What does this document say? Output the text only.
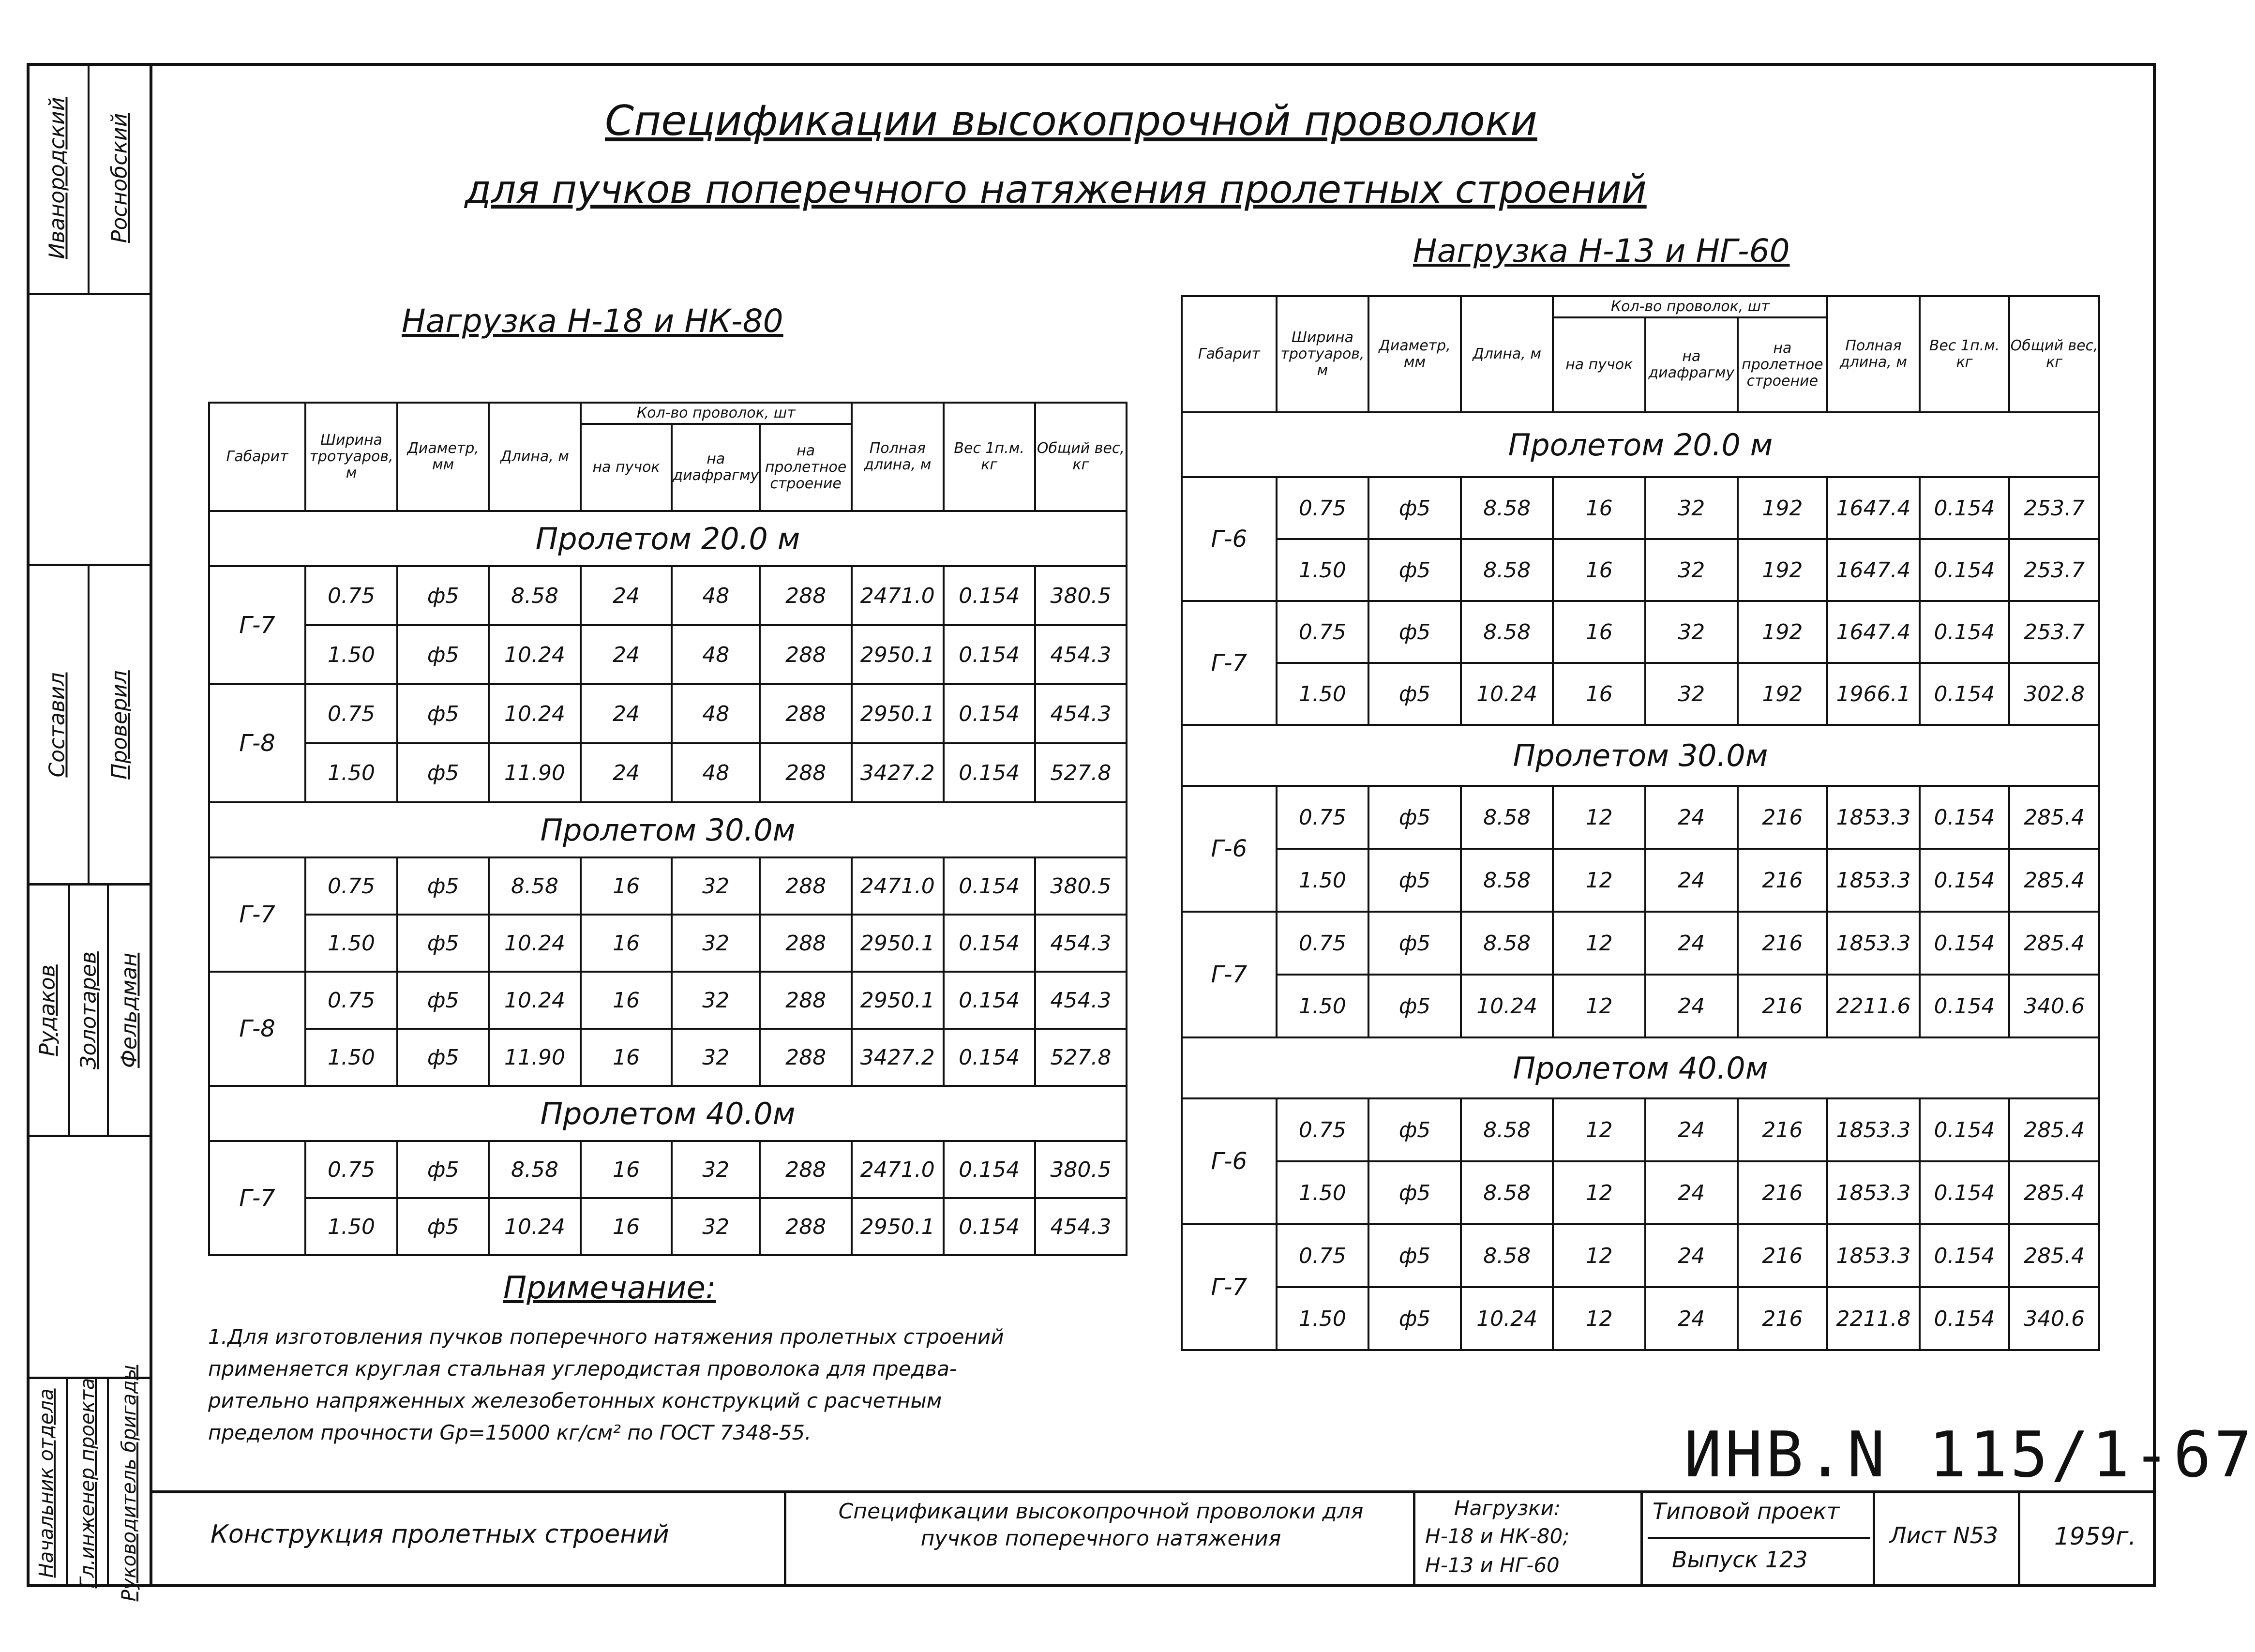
Иванородский Роснобский
Составил Проверил
Рудаков Золотарев Фельдман
Начальник отдела Гл.инженер проекта Руководитель бригады
Спецификации высокопрочной проволоки
для пучков поперечного натяжения пролетных строений
Нагрузка Н-13 и НГ-60
Нагрузка Н-18 и НК-80
Габарит	Ширина тротуаров, м	Диаметр, мм	Длина, м	Кол-во проволок, шт			Полная длина, м	Вес 1п.м. кг	Общий вес, кг
				на пучок	на диафрагму	на пролетное строение			
Пролетом 20.0 м									
Г-7	0.75	ф5	8.58	24	48	288	2471.0	0.154	380.5
	1.50	ф5	10.24	24	48	288	2950.1	0.154	454.3
Г-8	0.75	ф5	10.24	24	48	288	2950.1	0.154	454.3
	1.50	ф5	11.90	24	48	288	3427.2	0.154	527.8
Пролетом 30.0м									
Г-7	0.75	ф5	8.58	16	32	288	2471.0	0.154	380.5
	1.50	ф5	10.24	16	32	288	2950.1	0.154	454.3
Г-8	0.75	ф5	10.24	16	32	288	2950.1	0.154	454.3
	1.50	ф5	11.90	16	32	288	3427.2	0.154	527.8
Пролетом 40.0м									
Г-7	0.75	ф5	8.58	16	32	288	2471.0	0.154	380.5
	1.50	ф5	10.24	16	32	288	2950.1	0.154	454.3
Габарит	Ширина тротуаров, м	Диаметр, мм	Длина, м	Кол-во проволок, шт			Полная длина, м	Вес 1п.м. кг	Общий вес, кг
				на пучок	на диафрагму	на пролетное строение			
Пролетом 20.0 м									
Г-6	0.75	ф5	8.58	16	32	192	1647.4	0.154	253.7
	1.50	ф5	8.58	16	32	192	1647.4	0.154	253.7
Г-7	0.75	ф5	8.58	16	32	192	1647.4	0.154	253.7
	1.50	ф5	10.24	16	32	192	1966.1	0.154	302.8
Пролетом 30.0м									
Г-6	0.75	ф5	8.58	12	24	216	1853.3	0.154	285.4
	1.50	ф5	8.58	12	24	216	1853.3	0.154	285.4
Г-7	0.75	ф5	8.58	12	24	216	1853.3	0.154	285.4
	1.50	ф5	10.24	12	24	216	2211.6	0.154	340.6
Пролетом 40.0м									
Г-6	0.75	ф5	8.58	12	24	216	1853.3	0.154	285.4
	1.50	ф5	8.58	12	24	216	1853.3	0.154	285.4
Г-7	0.75	ф5	8.58	12	24	216	1853.3	0.154	285.4
	1.50	ф5	10.24	12	24	216	2211.8	0.154	340.6
Примечание:
1.Для изготовления пучков поперечного натяжения пролетных строений
применяется круглая стальная углеродистая проволока для предва-
рительно напряженных железобетонных конструкций с расчетным
пределом прочности Gp=15000 кг/см² по ГОСТ 7348-55.	ИНВ.N 115/1-67
Конструкция пролетных строений
Спецификации высокопрочной проволоки для пучков поперечного натяжения
Нагрузки:
Н-18 и НК-80;
Н-13 и НГ-60
Типовой проект
Выпуск 123
Лист N53 1959г.
